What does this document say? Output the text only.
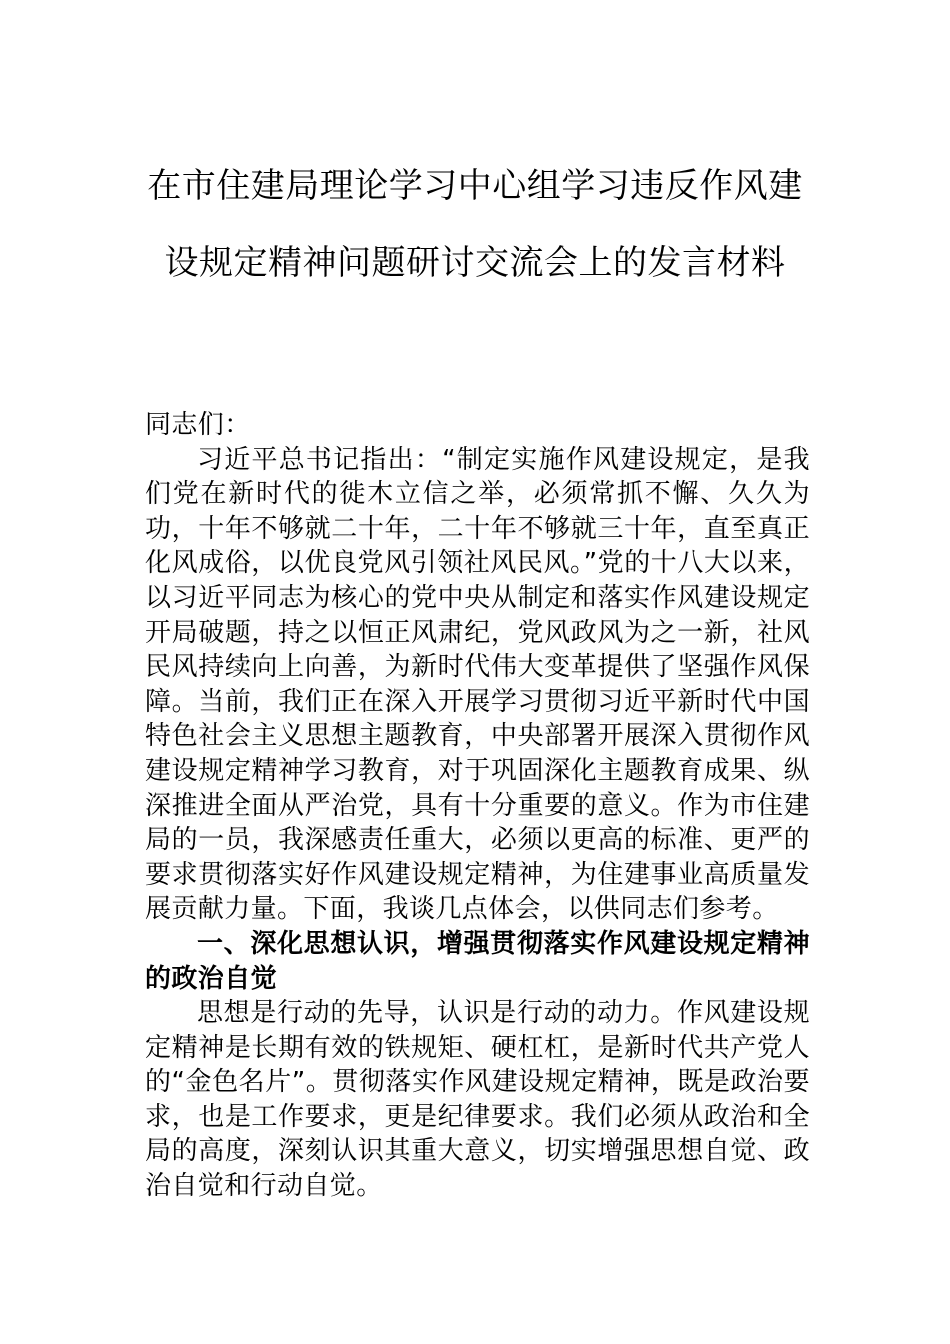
在市住建局理论学习中心组学习违反作风建设规定精神问题研讨交流会上的发言材料

同志们：

习近平总书记指出：“制定实施作风建设规定，是我们党在新时代的徙木立信之举，必须常抓不懈、久久为功，十年不够就二十年，二十年不够就三十年，直至真正化风成俗，以优良党风引领社风民风。”党的十八大以来，以习近平同志为核心的党中央从制定和落实作风建设规定开局破题，持之以恒正风肃纪，党风政风为之一新，社风民风持续向上向善，为新时代伟大变革提供了坚强作风保障。当前，我们正在深入开展学习贯彻习近平新时代中国特色社会主义思想主题教育，中央部署开展深入贯彻作风建设规定精神学习教育，对于巩固深化主题教育成果、纵深推进全面从严治党，具有十分重要的意义。作为市住建局的一员，我深感责任重大，必须以更高的标准、更严的要求贯彻落实好作风建设规定精神，为住建事业高质量发展贡献力量。下面，我谈几点体会，以供同志们参考。

一、深化思想认识，增强贯彻落实作风建设规定精神的政治自觉

思想是行动的先导，认识是行动的动力。作风建设规定精神是长期有效的铁规矩、硬杠杠，是新时代共产党人的“金色名片”。贯彻落实作风建设规定精神，既是政治要求，也是工作要求，更是纪律要求。我们必须从政治和全局的高度，深刻认识其重大意义，切实增强思想自觉、政治自觉和行动自觉。
